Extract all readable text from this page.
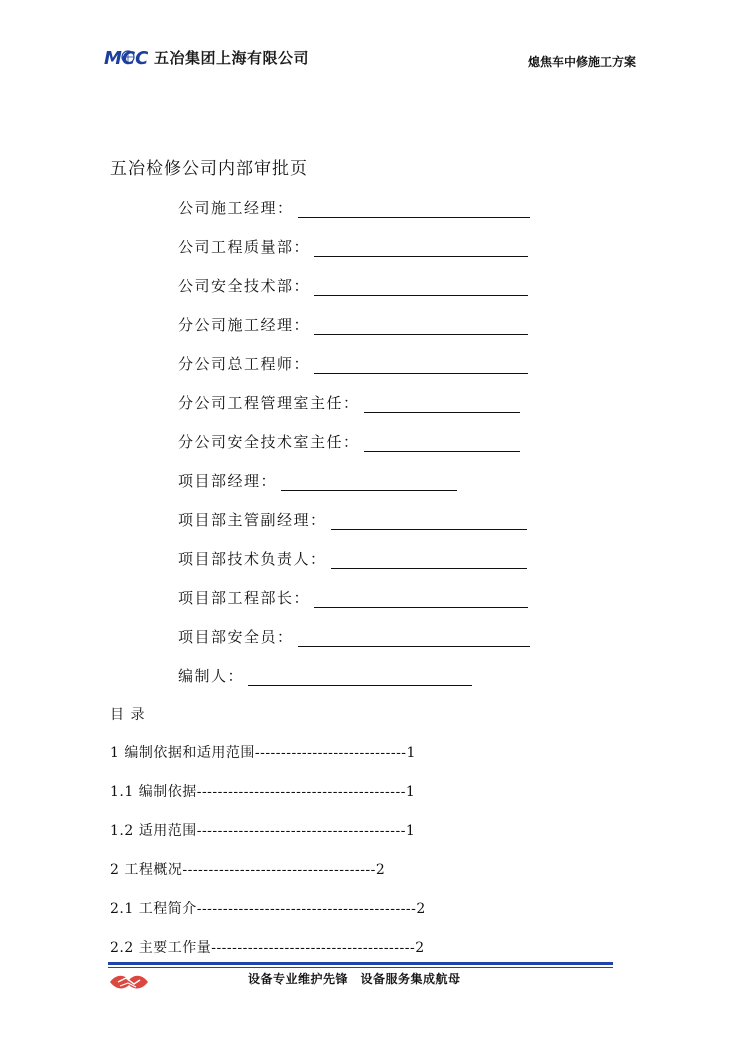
MCC 五冶集团上海有限公司	熄焦车中修施工方案
五冶检修公司内部审批页
公司施工经理：
公司工程质量部：
公司安全技术部：
分公司施工经理：
分公司总工程师：
分公司工程管理室主任：
分公司安全技术室主任：
项目部经理：
项目部主管副经理：
项目部技术负责人：
项目部工程部长：
项目部安全员：
编制人：
目 录
1 编制依据和适用范围-----------------------------1
1.1 编制依据----------------------------------------1
1.2 适用范围----------------------------------------1
2 工程概况-------------------------------------2
2.1 工程简介------------------------------------------2
2.2 主要工作量---------------------------------------2
设备专业维护先锋　设备服务集成航母
